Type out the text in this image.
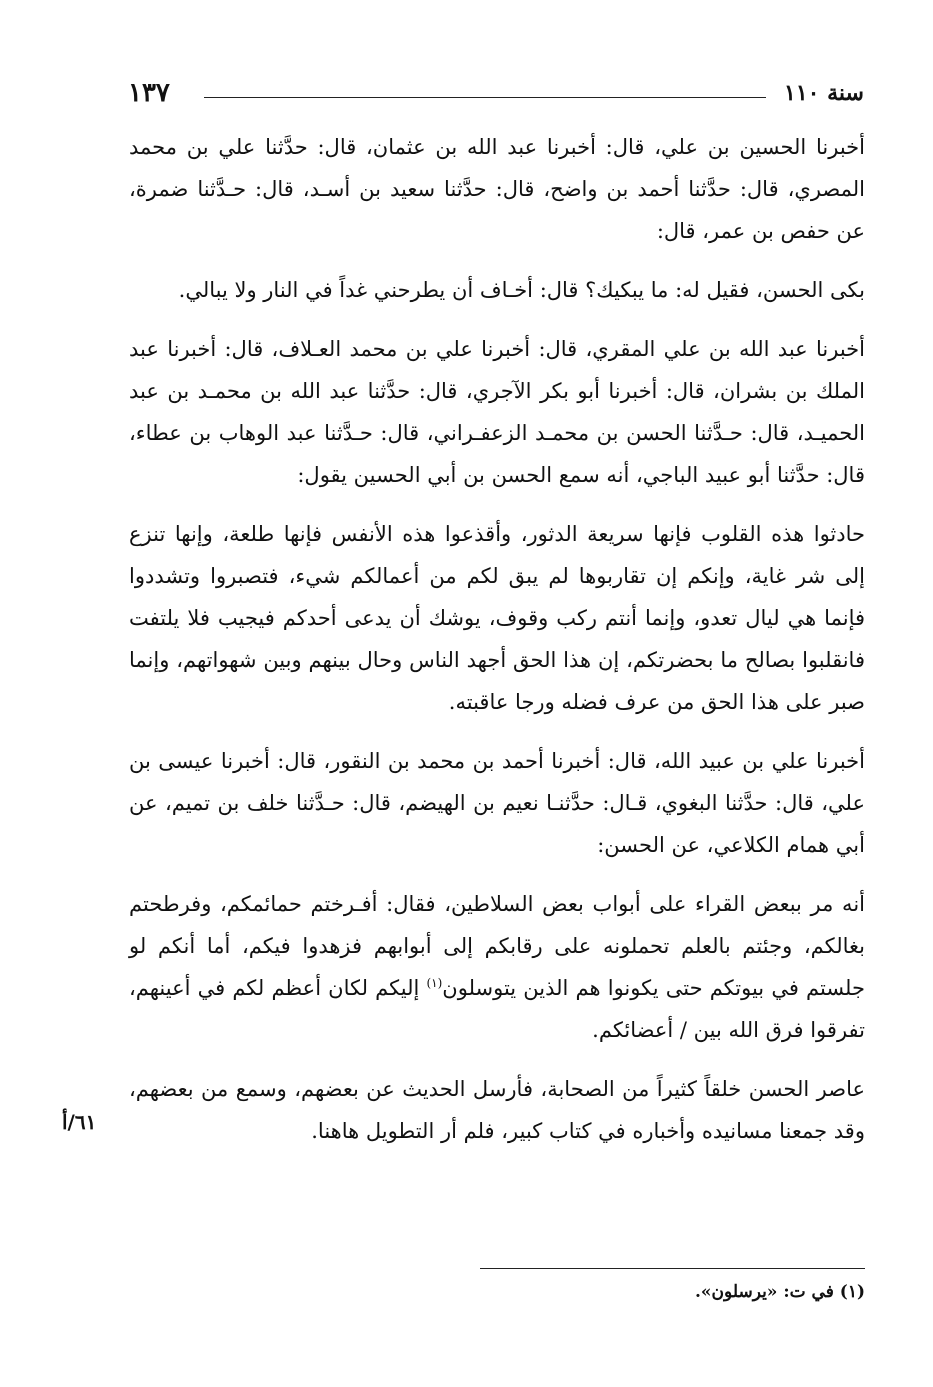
سنة ١١٠
١٣٧

أخبرنا الحسين بن علي، قال: أخبرنا عبد الله بن عثمان، قال: حدَّثنا علي بن محمد المصري، قال: حدَّثنا أحمد بن واضح، قال: حدَّثنا سعيد بن أسـد، قال: حـدَّثنا ضمرة، عن حفص بن عمر، قال:

بكى الحسن، فقيل له: ما يبكيك؟ قال: أخـاف أن يطرحني غداً في النار ولا يبالي.

أخبرنا عبد الله بن علي المقري، قال: أخبرنا علي بن محمد العـلاف، قال: أخبرنا عبد الملك بن بشران، قال: أخبرنا أبو بكر الآجري، قال: حدَّثنا عبد الله بن محمـد بن عبد الحميـد، قال: حـدَّثنا الحسن بن محمـد الزعفـراني، قال: حـدَّثنا عبد الوهاب بن عطاء، قال: حدَّثنا أبو عبيد الباجي، أنه سمع الحسن بن أبي الحسين يقول:

حادثوا هذه القلوب فإنها سريعة الدثور، وأقذعوا هذه الأنفس فإنها طلعة، وإنها تنزع إلى شر غاية، وإنكم إن تقاربوها لم يبق لكم من أعمالكم شيء، فتصبروا وتشددوا فإنما هي ليال تعدو، وإنما أنتم ركب وقوف، يوشك أن يدعى أحدكم فيجيب فلا يلتفت فانقلبوا بصالح ما بحضرتكم، إن هذا الحق أجهد الناس وحال بينهم وبين شهواتهم، وإنما صبر على هذا الحق من عرف فضله ورجا عاقبته.

أخبرنا علي بن عبيد الله، قال: أخبرنا أحمد بن محمد بن النقور، قال: أخبرنا عيسى بن علي، قال: حدَّثنا البغوي، قـال: حدَّثنـا نعيم بن الهيضم، قال: حـدَّثنا خلف بن تميم، عن أبي همام الكلاعي، عن الحسن:

أنه مر ببعض القراء على أبواب بعض السلاطين، فقال: أفـرختم حمائمكم، وفرطحتم بغالكم، وجئتم بالعلم تحملونه على رقابكم إلى أبوابهم فزهدوا فيكم، أما أنكم لو جلستم في بيوتكم حتى يكونوا هم الذين يتوسلون$^{(١)}$ إليكم لكان أعظم لكم في أعينهم، تفرقوا فرق الله بين / أعضائكم.

عاصر الحسن خلقاً كثيراً من الصحابة، فأرسل الحديث عن بعضهم، وسمع من بعضهم، وقد جمعنا مسانيده وأخباره في كتاب كبير، فلم أر التطويل هاهنا.

٦١/أ
(١) في ت: «يرسلون».
